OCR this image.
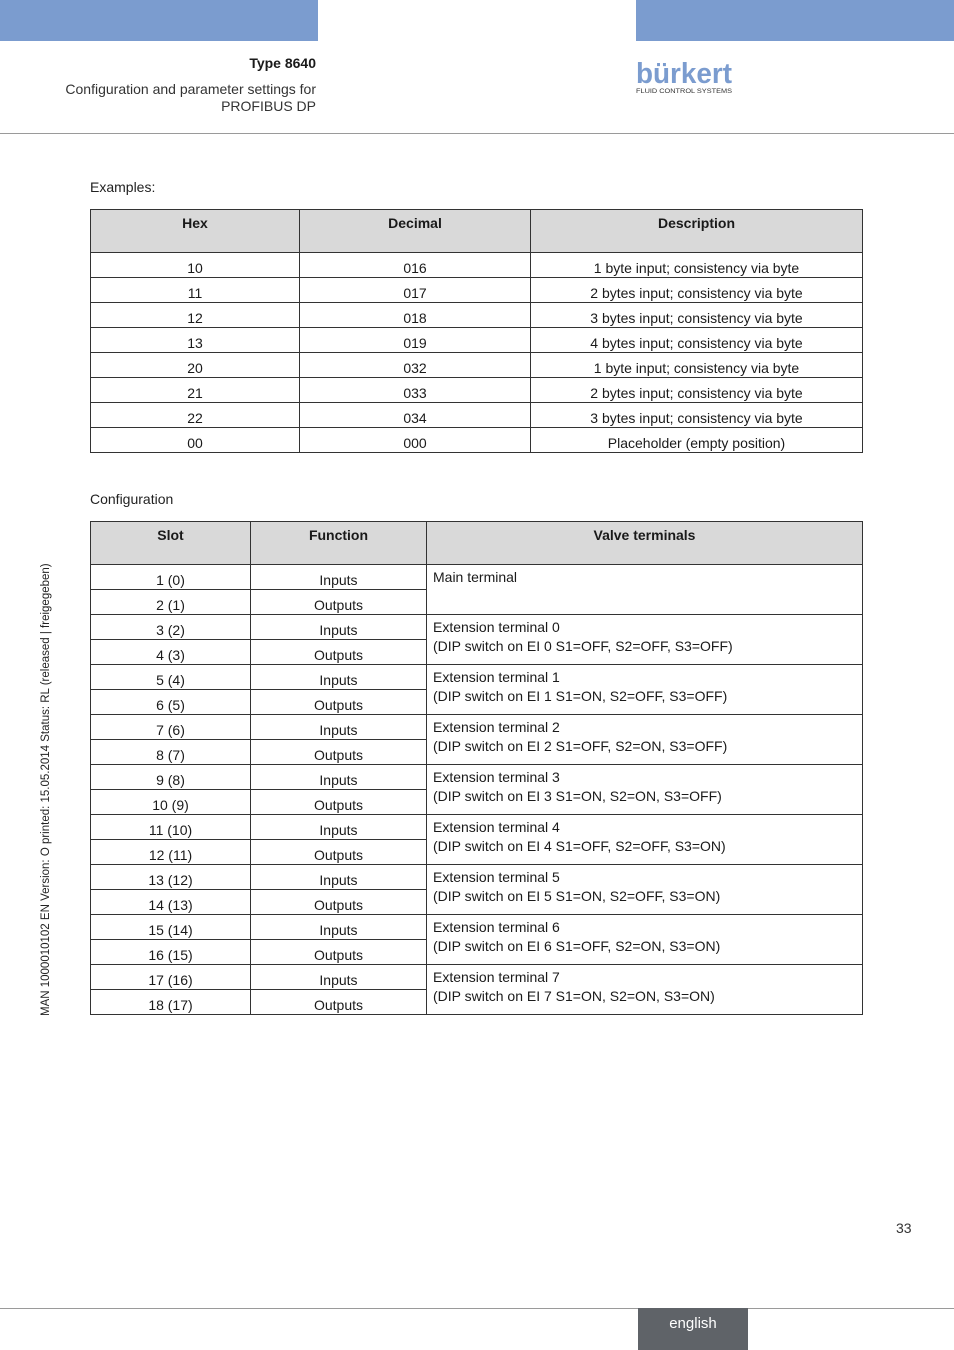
Type 8640
Configuration and parameter settings for PROFIBUS DP
bürkert
FLUID CONTROL SYSTEMS
Examples:
Hex	Decimal	Description
10	016	1 byte input; consistency via byte
11	017	2 bytes input; consistency via byte
12	018	3 bytes input; consistency via byte
13	019	4 bytes input; consistency via byte
20	032	1 byte input; consistency via byte
21	033	2 bytes input; consistency via byte
22	034	3 bytes input; consistency via byte
00	000	Placeholder (empty position)
Configuration
Slot	Function	Valve terminals
1 (0)	Inputs	Main terminal

2 (1)	Outputs	
3 (2)	Inputs	Extension terminal 0
(DIP switch on EI 0 S1=OFF, S2=OFF, S3=OFF)

4 (3)	Outputs	
5 (4)	Inputs	Extension terminal 1
(DIP switch on EI 1 S1=ON, S2=OFF, S3=OFF)

6 (5)	Outputs	
7 (6)	Inputs	Extension terminal 2
(DIP switch on EI 2 S1=OFF, S2=ON, S3=OFF)

8 (7)	Outputs	
9 (8)	Inputs	Extension terminal 3
(DIP switch on EI 3 S1=ON, S2=ON, S3=OFF)

10 (9)	Outputs	
11 (10)	Inputs	Extension terminal 4
(DIP switch on EI 4 S1=OFF, S2=OFF, S3=ON)

12 (11)	Outputs	
13 (12)	Inputs	Extension terminal 5
(DIP switch on EI 5 S1=ON, S2=OFF, S3=ON)

14 (13)	Outputs	
15 (14)	Inputs	Extension terminal 6
(DIP switch on EI 6 S1=OFF, S2=ON, S3=ON)

16 (15)	Outputs	
17 (16)	Inputs	Extension terminal 7
(DIP switch on EI 7 S1=ON, S2=ON, S3=ON)

18 (17)	Outputs	
MAN 1000010102 EN Version: O printed: 15.05.2014 Status: RL (released | freigegeben)
33
english
